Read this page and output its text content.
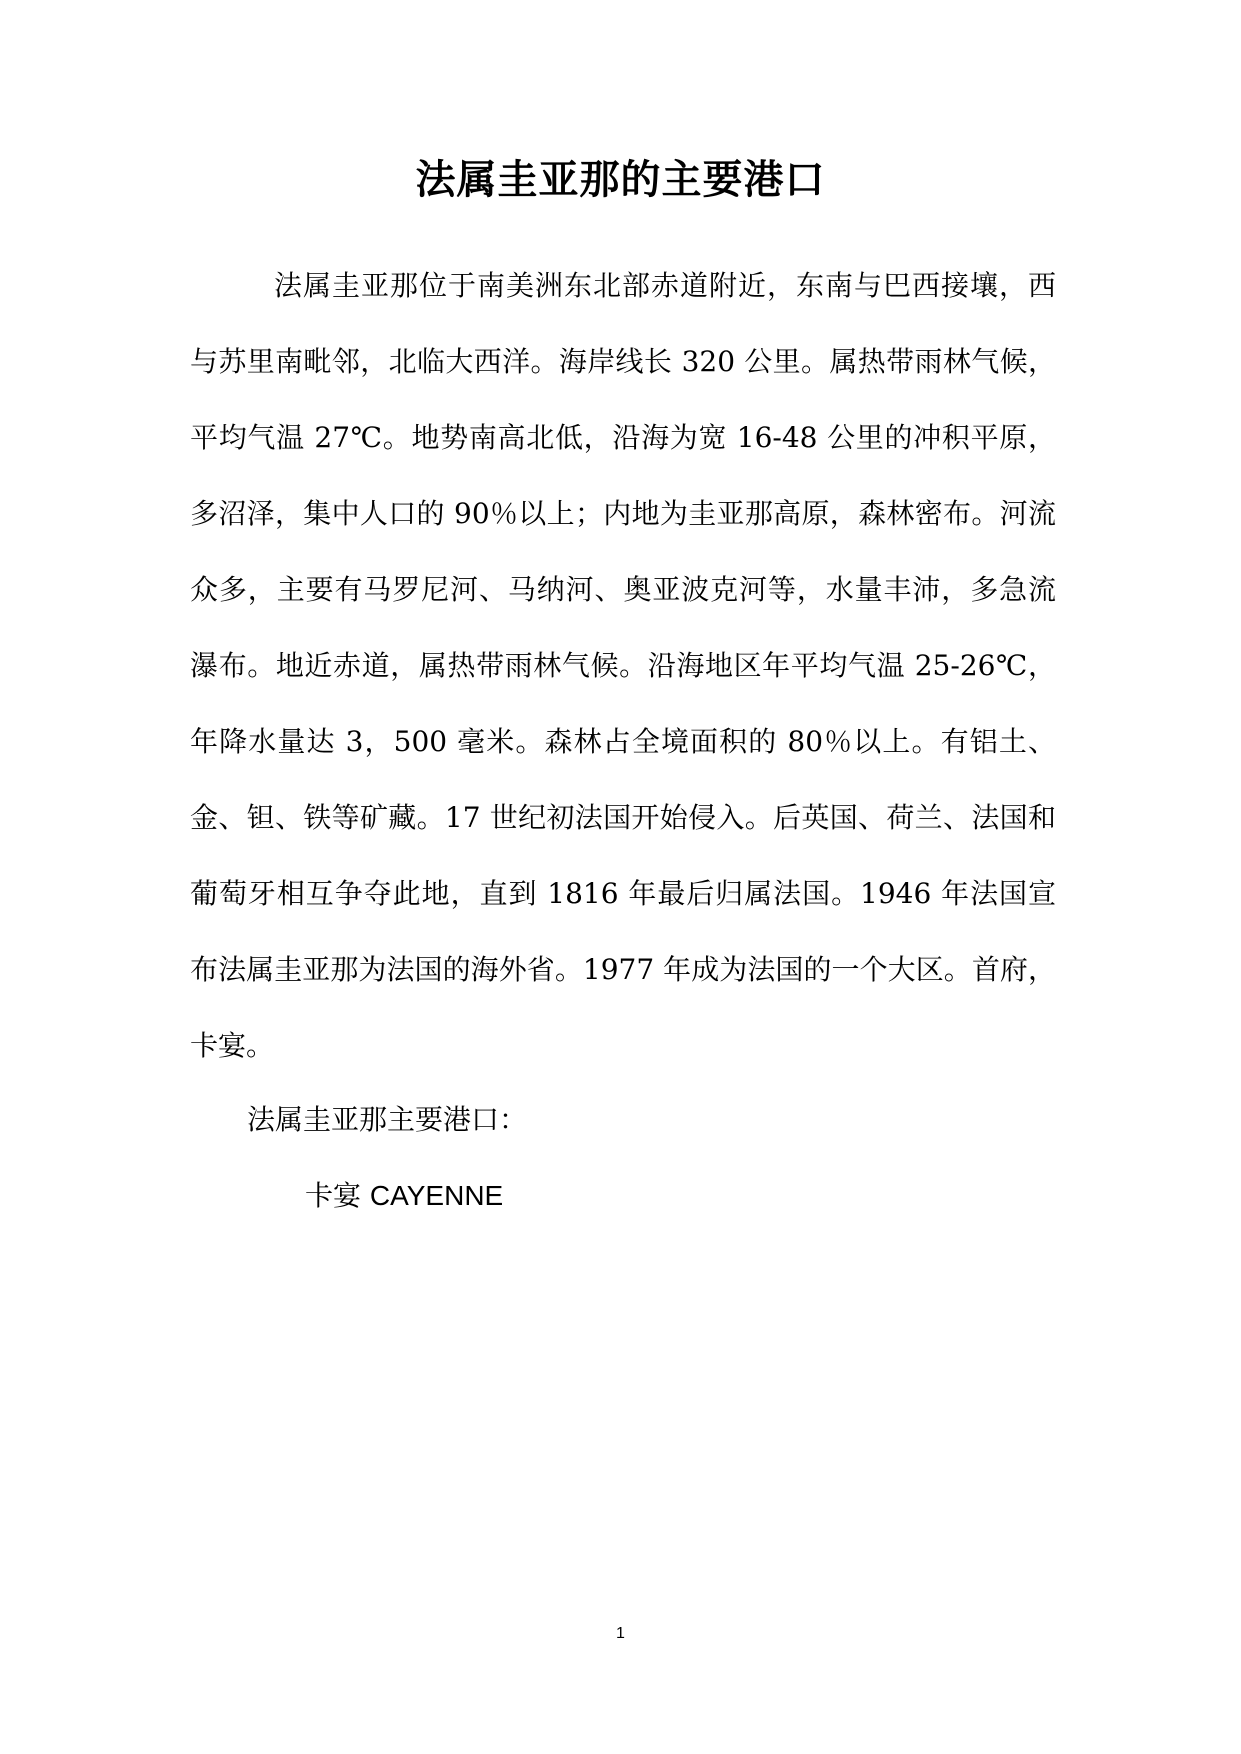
法属圭亚那的主要港口

法属圭亚那位于南美洲东北部赤道附近，东南与巴西接壤，西与苏里南毗邻，北临大西洋。海岸线长 320 公里。属热带雨林气候，平均气温 27℃。地势南高北低，沿海为宽 16-48 公里的冲积平原，多沼泽，集中人口的 90％以上；内地为圭亚那高原，森林密布。河流众多，主要有马罗尼河、马纳河、奥亚波克河等，水量丰沛，多急流瀑布。地近赤道，属热带雨林气候。沿海地区年平均气温 25-26℃，年降水量达 3，500 毫米。森林占全境面积的 80％以上。有铝土、金、钽、铁等矿藏。17 世纪初法国开始侵入。后英国、荷兰、法国和葡萄牙相互争夺此地，直到 1816 年最后归属法国。1946 年法国宣布法属圭亚那为法国的海外省。1977 年成为法国的一个大区。首府，卡宴。

法属圭亚那主要港口：

卡宴 CAYENNE

1
